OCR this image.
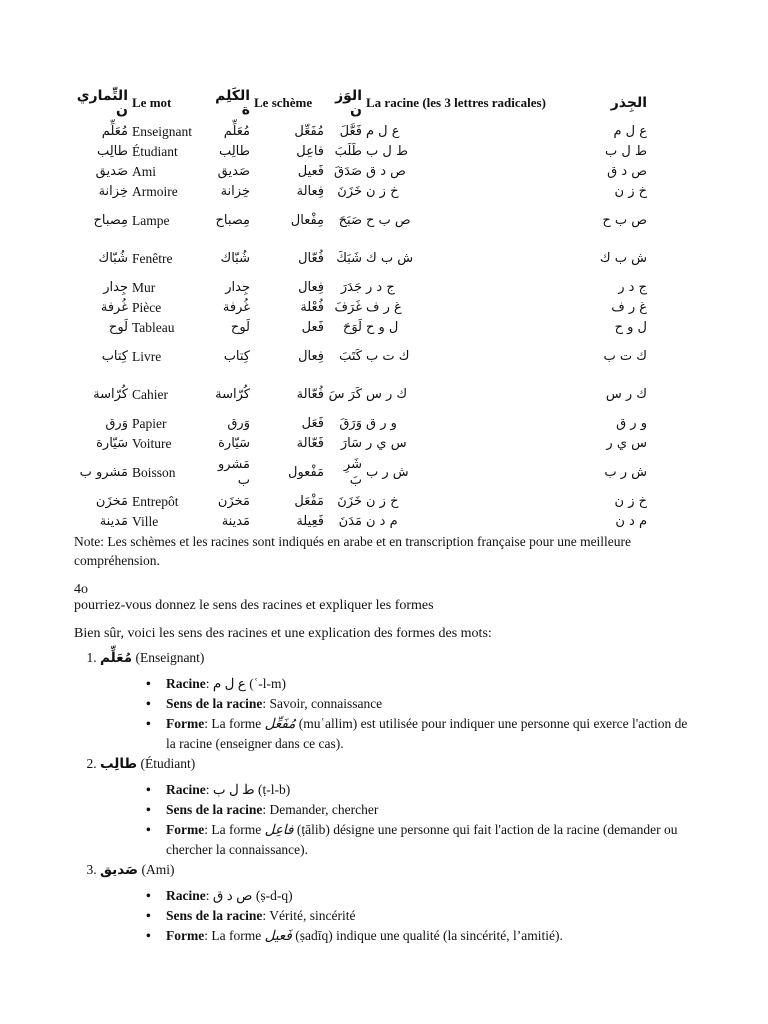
التِّماري ن	Le mot	الكَلِم ة	Le schème	الوَز ن	La racine (les 3 lettres radicales)	الجِذر
مُعَلِّم	Enseignant	مُعَلِّم	مُفَعِّل	فَعَّلَ	ع ل م	ع ل م
طالِب	Étudiant	طالِب	فاعِل	طَلَبَ	ط ل ب	ط ل ب
صَديق	Ami	صَديق	فَعيل	صَدَقَ	ص د ق	ص د ق
خِزانة	Armoire	خِزانة	فِعالة	خَزَنَ	خ ز ن	خ ز ن
مِصباح	Lampe	مِصباح	مِفْعال	صَبَحَ	ص ب ح	ص ب ح
شُبّاك	Fenêtre	شُبّاك	فُعّال	شَبَكَ	ش ب ك	ش ب ك
جِدار	Mur	جِدار	فِعال	جَدَرَ	ج د ر	ج د ر
غُرفة	Pièce	غُرفة	فُعْلة	غَرَفَ	غ ر ف	غ ر ف
لَوح	Tableau	لَوح	فَعل	لَوَحَ	ل و ح	ل و ح
كِتاب	Livre	كِتاب	فِعال	كَتَبَ	ك ت ب	ك ت ب
كُرّاسة	Cahier	كُرّاسة	فُعّالة	كَرَ سَ	ك ر س	ك ر س
وَرق	Papier	وَرق	فَعَل	وَرَقَ	و ر ق	و ر ق
سَيّارة	Voiture	سَيّارة	فَعّالة	سَارَ	س ي ر	س ي ر
مَشرو ب	Boisson	مَشرو ب	مَفْعول	شَرِ بَ	ش ر ب	ش ر ب
مَخزَن	Entrepôt	مَخزَن	مَفْعَل	خَزَنَ	خ ز ن	خ ز ن
مَدينة	Ville	مَدينة	فَعِيلة	مَدَنَ	م د ن	م د ن

Note: Les schèmes et les racines sont indiqués en arabe et en transcription française pour une meilleure compréhension.

4o

pourriez-vous donnez le sens des racines et expliquer les formes

Bien sûr, voici les sens des racines et une explication des formes des mots:

1. مُعَلِّم (Enseignant)
• Racine: ع ل م (ʿ-l-m)
• Sens de la racine: Savoir, connaissance
• Forme: La forme مُفَعِّل (muʿallim) est utilisée pour indiquer une personne qui exerce l'action de la racine (enseigner dans ce cas).
2. طالِب (Étudiant)
• Racine: ط ل ب (ṭ-l-b)
• Sens de la racine: Demander, chercher
• Forme: La forme فاعِل (ṭālib) désigne une personne qui fait l'action de la racine (demander ou chercher la connaissance).
3. صَديق (Ami)
• Racine: ص د ق (ṣ-d-q)
• Sens de la racine: Vérité, sincérité
• Forme: La forme فَعيل (ṣadīq) indique une qualité (la sincérité, l’amitié).
